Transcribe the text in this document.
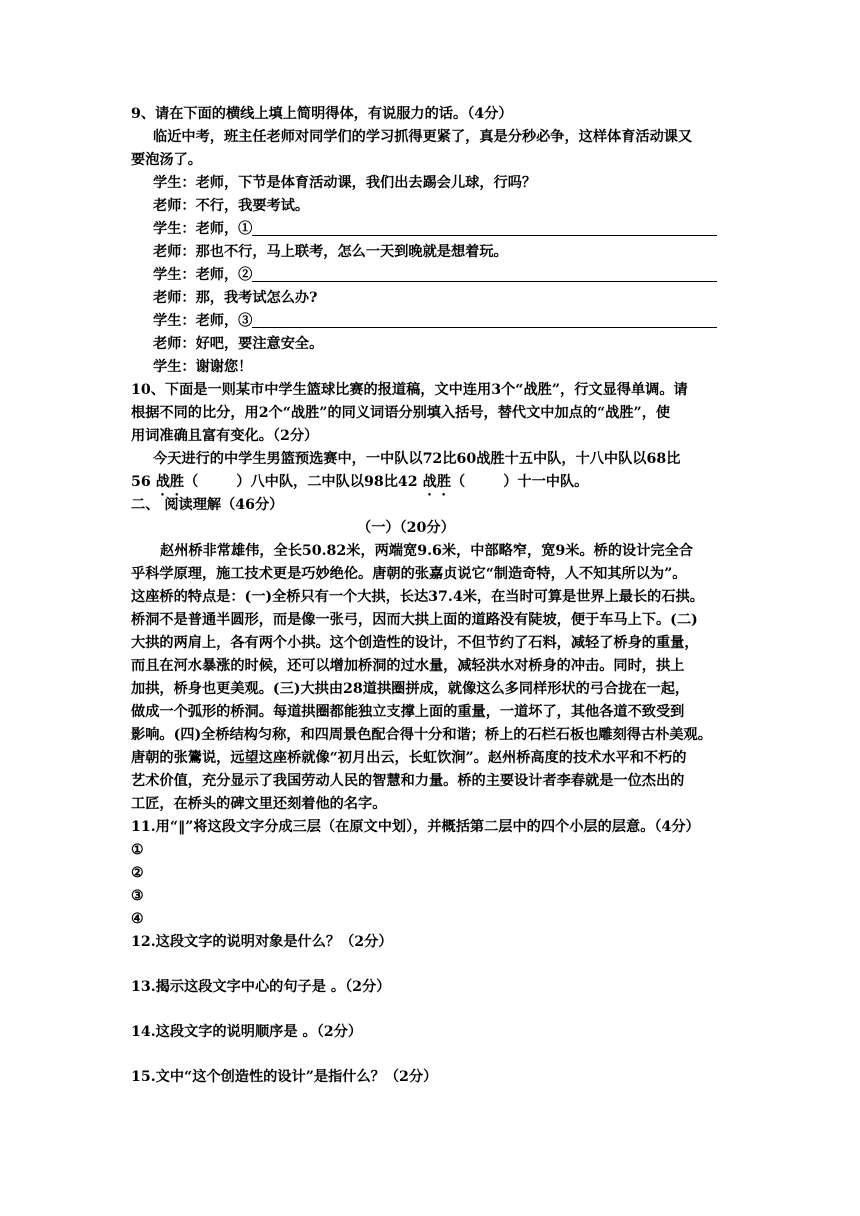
9、请在下面的横线上填上简明得体，有说服力的话。（4分）
临近中考，班主任老师对同学们的学习抓得更紧了，真是分秒必争，这样体育活动课又
要泡汤了。
学生：老师，下节是体育活动课，我们出去踢会儿球，行吗？
老师：不行，我要考试。
学生：老师，①
老师：那也不行，马上联考，怎么一天到晚就是想着玩。
学生：老师，②
老师：那，我考试怎么办?
学生：老师，③
老师：好吧，要注意安全。
学生：谢谢您！
10、下面是一则某市中学生篮球比赛的报道稿，文中连用3个“战胜”，行文显得单调。请
根据不同的比分，用2个“战胜”的同义词语分别填入括号，替代文中加点的“战胜”，使
用词准确且富有变化。（2分）
今天进行的中学生男篮预选赛中，一中队以72比60战胜十五中队，十八中队以68比
56 战胜（	）八中队，二中队以98比42 战胜（	）十一中队。
二、 阅读理解（46分）
（一）（20分）
赵州桥非常雄伟，全长50.82米，两端宽9.6米，中部略窄，宽9米。桥的设计完全合
乎科学原理，施工技术更是巧妙绝伦。唐朝的张嘉贞说它“制造奇特，人不知其所以为”。
这座桥的特点是：(一)全桥只有一个大拱，长达37.4米，在当时可算是世界上最长的石拱。
桥洞不是普通半圆形，而是像一张弓，因而大拱上面的道路没有陡坡，便于车马上下。(二)
大拱的两肩上，各有两个小拱。这个创造性的设计，不但节约了石料，减轻了桥身的重量，
而且在河水暴涨的时候，还可以增加桥洞的过水量，减轻洪水对桥身的冲击。同时，拱上
加拱，桥身也更美观。(三)大拱由28道拱圈拼成，就像这么多同样形状的弓合拢在一起，
做成一个弧形的桥洞。每道拱圈都能独立支撑上面的重量，一道坏了，其他各道不致受到
影响。(四)全桥结构匀称，和四周景色配合得十分和谐；桥上的石栏石板也雕刻得古朴美观。
唐朝的张鷟说，远望这座桥就像“初月出云，长虹饮涧”。赵州桥高度的技术水平和不朽的
艺术价值，充分显示了我国劳动人民的智慧和力量。桥的主要设计者李春就是一位杰出的
工匠，在桥头的碑文里还刻着他的名字。
11.用“‖”将这段文字分成三层（在原文中划），并概括第二层中的四个小层的层意。（4分）
①
②
③
④
12.这段文字的说明对象是什么？（2分）
13.揭示这段文字中心的句子是 。（2分）
14.这段文字的说明顺序是 。（2分）
15.文中“这个创造性的设计”是指什么？（2分）
